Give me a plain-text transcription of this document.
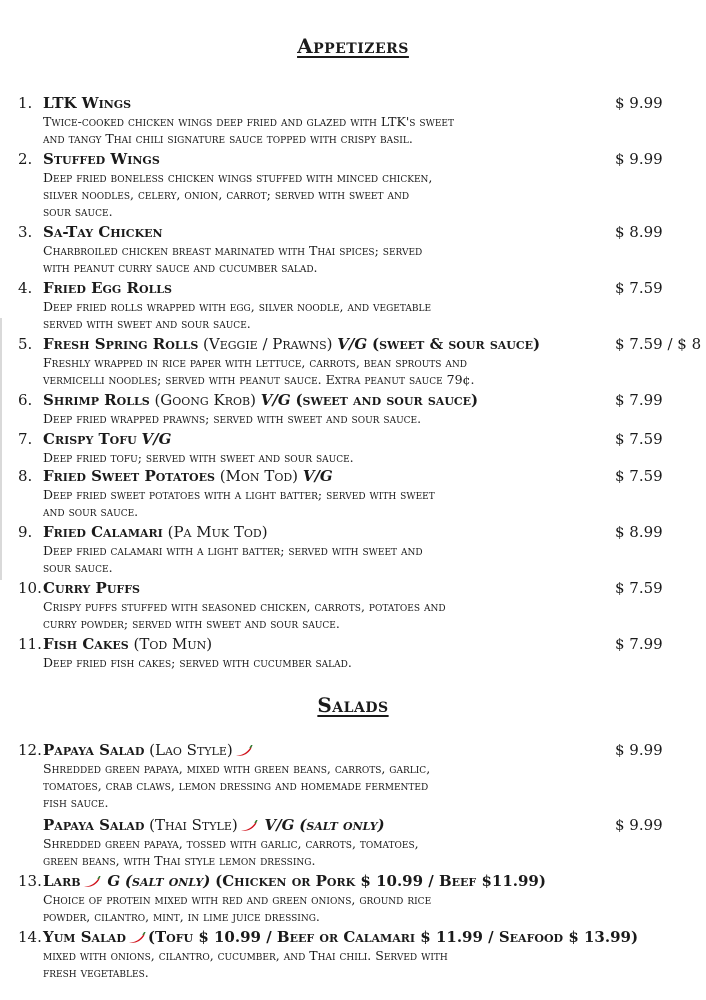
Appetizers
1. LTK Wings	$ 9.99
Twice-cooked chicken wings deep fried and glazed with LTK's sweet
and tangy Thai chili signature sauce topped with crispy basil.
2. Stuffed Wings	$ 9.99
Deep fried boneless chicken wings stuffed with minced chicken,
silver noodles, celery, onion, carrot; served with sweet and
sour sauce.
3. Sa-Tay Chicken	$ 8.99
Charbroiled chicken breast marinated with Thai spices; served
with peanut curry sauce and cucumber salad.
4. Fried Egg Rolls	$ 7.59
Deep fried rolls wrapped with egg, silver noodle, and vegetable
served with sweet and sour sauce.
5. Fresh Spring Rolls (Veggie / Prawns) V/G (sweet & sour sauce)	$ 7.59 / $ 8
Freshly wrapped in rice paper with lettuce, carrots, bean sprouts and
vermicelli noodles; served with peanut sauce. Extra peanut sauce 79¢.
6. Shrimp Rolls (Goong Krob) V/G (sweet and sour sauce)	$ 7.99
Deep fried wrapped prawns; served with sweet and sour sauce.
7. Crispy Tofu V/G	$ 7.59
Deep fried tofu; served with sweet and sour sauce.
8. Fried Sweet Potatoes (Mon Tod) V/G	$ 7.59
Deep fried sweet potatoes with a light batter; served with sweet
and sour sauce.
9. Fried Calamari (Pa Muk Tod)	$ 8.99
Deep fried calamari with a light batter; served with sweet and
sour sauce.
10.Curry Puffs	$ 7.59
Crispy puffs stuffed with seasoned chicken, carrots, potatoes and
curry powder; served with sweet and sour sauce.
11.Fish Cakes (Tod Mun)	$ 7.99
Deep fried fish cakes; served with cucumber salad.
Salads
12.Papaya Salad (Lao Style)	$ 9.99
Shredded green papaya, mixed with green beans, carrots, garlic,
tomatoes, crab claws, lemon dressing and homemade fermented
fish sauce.
Papaya Salad (Thai Style) V/G (salt only)	$ 9.99
Shredded green papaya, tossed with garlic, carrots, tomatoes,
green beans, with Thai style lemon dressing.
13.Larb G (salt only) (Chicken or Pork $ 10.99 / Beef $11.99)
Choice of protein mixed with red and green onions, ground rice
powder, cilantro, mint, in lime juice dressing.
14.Yum Salad (Tofu $ 10.99 / Beef or Calamari $ 11.99 / Seafood $ 13.99)
mixed with onions, cilantro, cucumber, and Thai chili. Served with
fresh vegetables.
